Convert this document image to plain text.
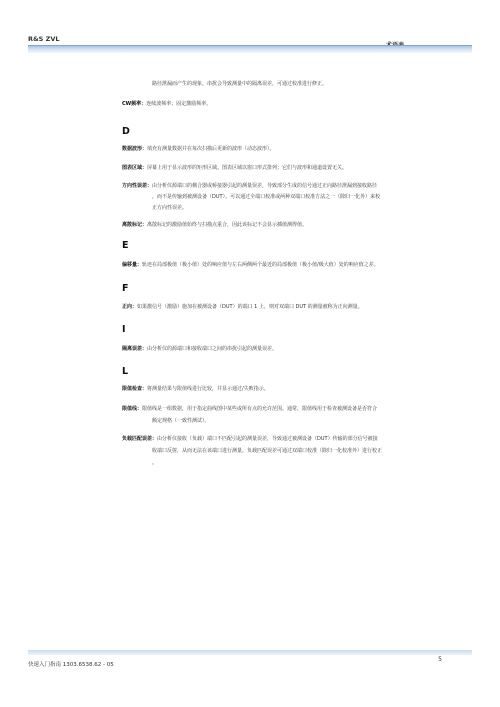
R&S ZVL
路径泄漏而产生的现象。串扰会导致测量中的隔离误差，可通过校准进行修正。
CW频率：连续波频率；固定激励频率。
D
数据波形：填充有测量数据并在每次扫描后更新的波形（动态波形）。
图表区域：屏幕上用于显示波形的矩形区域。图表区域以窗口形式排列；它们与波形和通道设置无关。
方向性误差：由分析仪源端口的耦合器或桥接器引起的测量误差，导致部分生成的信号通过正向路径泄漏到接收路径
，而不是传输到被测设备（DUT）。可以通过全端口校准或两种双端口校准方法之一（除归一化外）来校
正方向性误差。
离散标记：离散标记的激励值始终与扫描点重合，因此该标记不会显示插值测得值。
E
偏移量：轨迹在局部极值（极小值）处的响应值与左右两侧两个最近的局部极值（极小值/极大值）处的响应值之差。
F
正向：如果激信号（激励）施加在被测设备（DUT）的端口 1 上，则对双端口 DUT 的测量被称为正向测量。
I
隔离误差：由分析仪的源端口和接收端口之间的串扰引起的测量误差。
L
限值检查：将测量结果与限值线进行比较，并显示通过/失败指示。
限值线：限值线是一组数据，用于指定曲线图中某些或所有点的允许范围。通常，限值线用于检查被测设备是否符合
额定规格（一致性测试）。
负载匹配误差：由分析仪接收（负载）端口不匹配引起的测量误差，导致通过被测设备（DUT）传输的部分信号被接
收端口反射，从而无法在该端口进行测量。负载匹配误差可通过双端口校准（除归一化校准外）进行校正
。
快速入门指南 1303.6538.62 - 05
5
